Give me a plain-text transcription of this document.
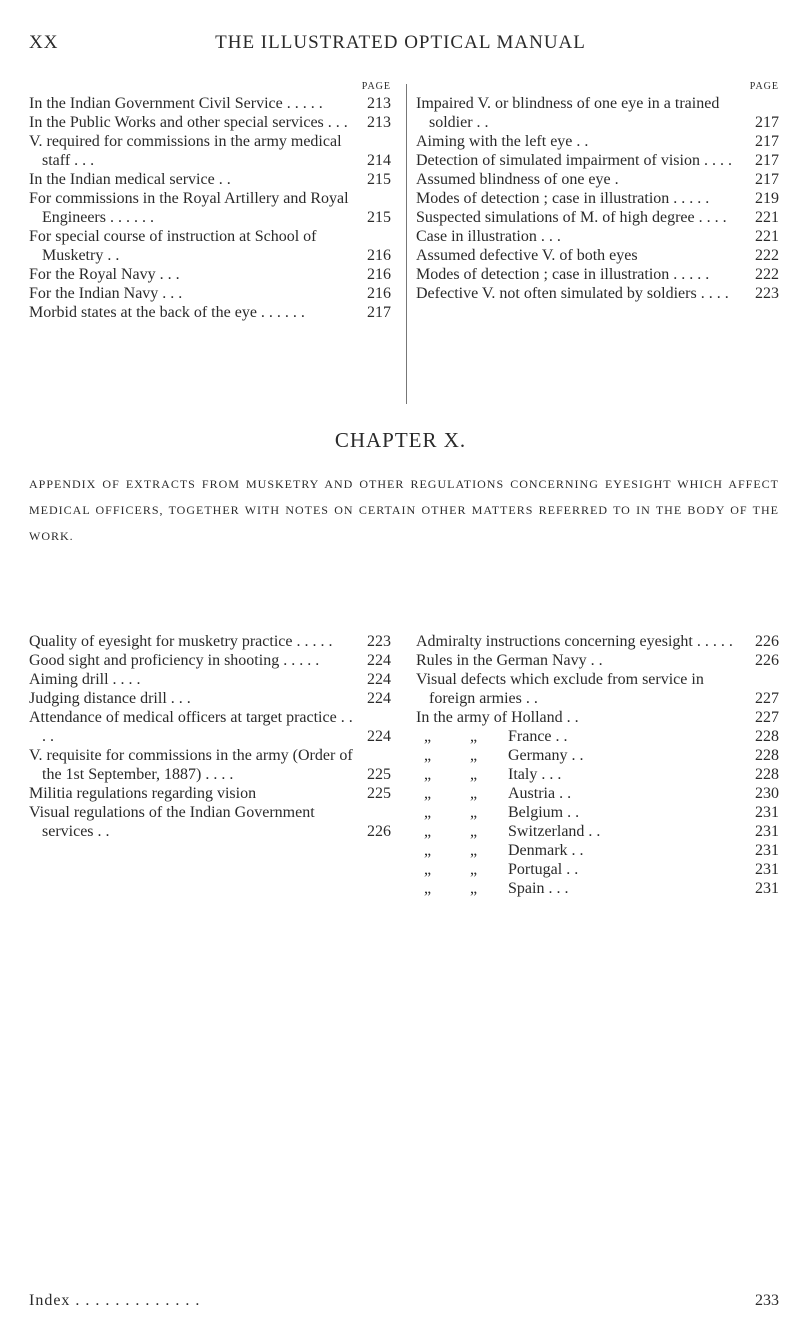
XX	THE ILLUSTRATED OPTICAL MANUAL
PAGE
In the Indian Government Civil Service . . . . .	213
In the Public Works and other special services . . .	213
V. required for commissions in the army medical staff . . .	214
In the Indian medical service . .	215
For commissions in the Royal Artillery and Royal Engineers . . . . . .	215
For special course of instruction at School of Musketry . .	216
For the Royal Navy . . .	216
For the Indian Navy . . .	216
Morbid states at the back of the eye . . . . . .	217
PAGE
Impaired V. or blindness of one eye in a trained soldier . .	217
Aiming with the left eye . .	217
Detection of simulated impairment of vision . . . .	217
Assumed blindness of one eye .	217
Modes of detection ; case in illustration . . . . .	219
Suspected simulations of M. of high degree . . . .	221
Case in illustration . . .	221
Assumed defective V. of both eyes	222
Modes of detection ; case in illustration . . . . .	222
Defective V. not often simulated by soldiers . . . .	223
CHAPTER X.
APPENDIX OF EXTRACTS FROM MUSKETRY AND OTHER REGULATIONS CONCERNING EYESIGHT WHICH AFFECT MEDICAL OFFICERS, TOGETHER WITH NOTES ON CERTAIN OTHER MATTERS REFERRED TO IN THE BODY OF THE WORK.
Quality of eyesight for musketry practice . . . . .	223
Good sight and proficiency in shooting . . . . .	224
Aiming drill . . . .	224
Judging distance drill . . .	224
Attendance of medical officers at target practice . . . .	224
V. requisite for commissions in the army (Order of the 1st September, 1887) . . . .	225
Militia regulations regarding vision	225
Visual regulations of the Indian Government services . .	226
Admiralty instructions concerning eyesight . . . . .	226
Rules in the German Navy . .	226
Visual defects which exclude from service in foreign armies . .	227
In the army of Holland . .	227
„	„	France . .	228
„	„	Germany . .	228
„	„	Italy . . .	228
„	„	Austria . .	230
„	„	Belgium . .	231
„	„	Switzerland . .	231
„	„	Denmark . .	231
„	„	Portugal . .	231
„	„	Spain . . .	231
Index . . . . . . . . . . . . .	233
